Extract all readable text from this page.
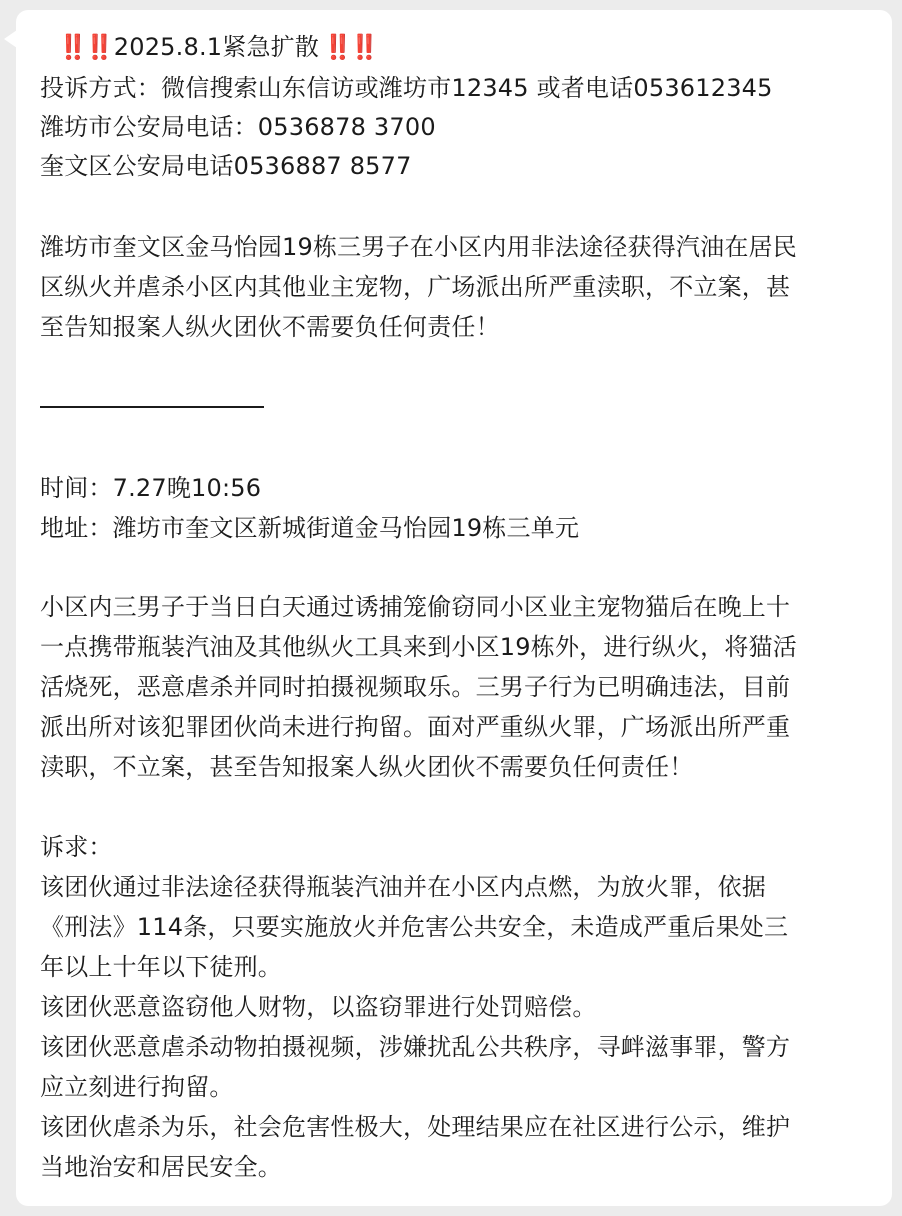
‼️‼️2025.8.1紧急扩散 ‼️‼️
投诉方式：微信搜索山东信访或潍坊市12345 或者电话053612345
潍坊市公安局电话：0536878 3700
奎文区公安局电话0536887 8577
潍坊市奎文区金马怡园19栋三男子在小区内用非法途径获得汽油在居民
区纵火并虐杀小区内其他业主宠物，广场派出所严重渎职，不立案，甚
至告知报案人纵火团伙不需要负任何责任！
时间：7.27晚10:56
地址：潍坊市奎文区新城街道金马怡园19栋三单元
小区内三男子于当日白天通过诱捕笼偷窃同小区业主宠物猫后在晚上十
一点携带瓶装汽油及其他纵火工具来到小区19栋外，进行纵火，将猫活
活烧死，恶意虐杀并同时拍摄视频取乐。三男子行为已明确违法，目前
派出所对该犯罪团伙尚未进行拘留。面对严重纵火罪，广场派出所严重
渎职，不立案，甚至告知报案人纵火团伙不需要负任何责任！
诉求：
该团伙通过非法途径获得瓶装汽油并在小区内点燃，为放火罪，依据
《刑法》114条，只要实施放火并危害公共安全，未造成严重后果处三
年以上十年以下徒刑。
该团伙恶意盗窃他人财物，以盗窃罪进行处罚赔偿。
该团伙恶意虐杀动物拍摄视频，涉嫌扰乱公共秩序，寻衅滋事罪，警方
应立刻进行拘留。
该团伙虐杀为乐，社会危害性极大，处理结果应在社区进行公示，维护
当地治安和居民安全。
